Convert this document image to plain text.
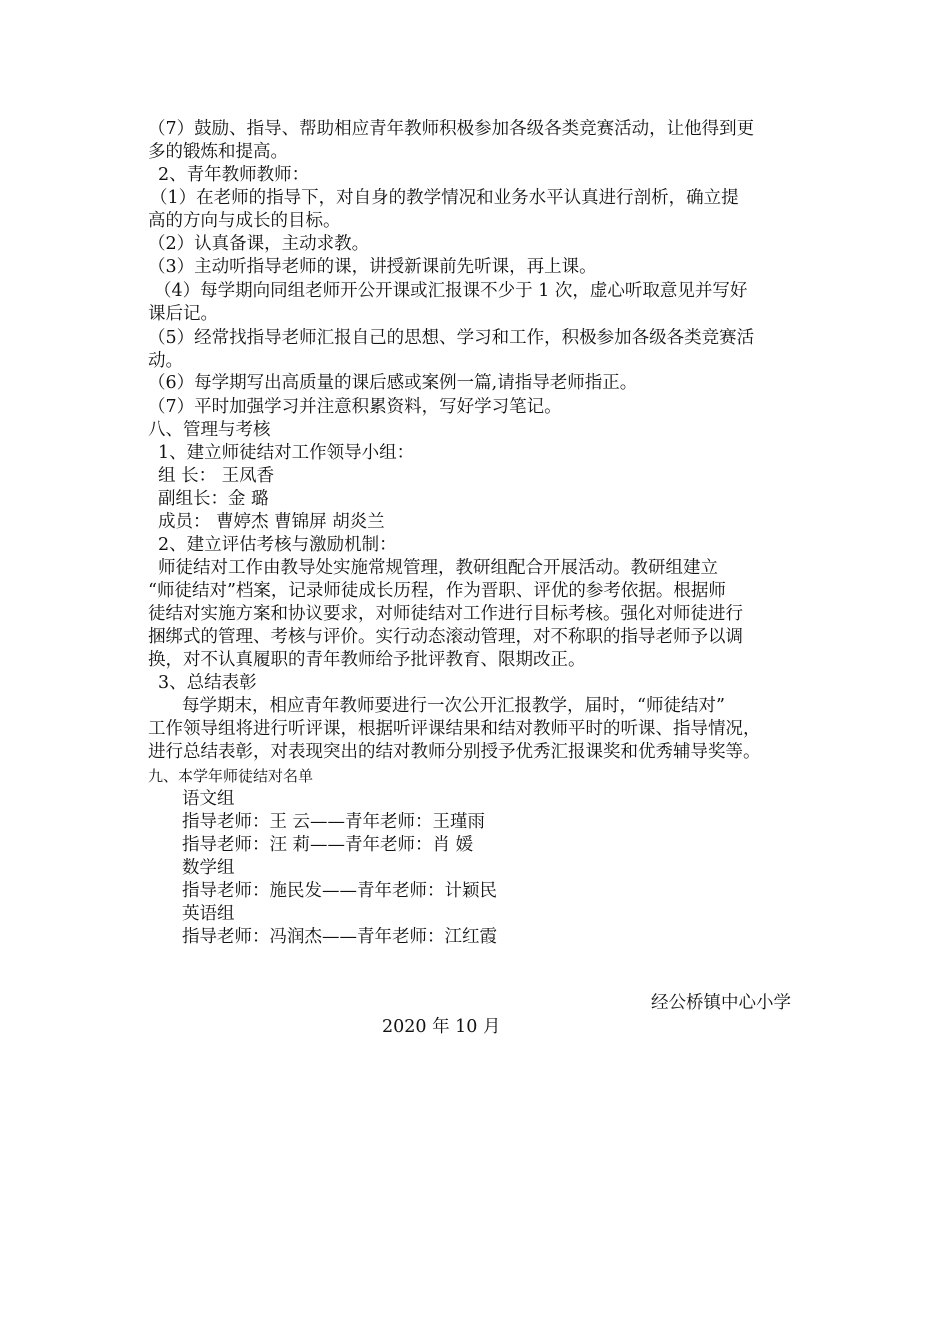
（7）鼓励、指导、帮助相应青年教师积极参加各级各类竞赛活动，让他得到更
多的锻炼和提高。
2、青年教师教师：
（1）在老师的指导下，对自身的教学情况和业务水平认真进行剖析，确立提
高的方向与成长的目标。
（2）认真备课，主动求教。
（3）主动听指导老师的课，讲授新课前先听课，再上课。
（4）每学期向同组老师开公开课或汇报课不少于 1 次，虚心听取意见并写好
课后记。
（5）经常找指导老师汇报自己的思想、学习和工作，积极参加各级各类竞赛活
动。
（6）每学期写出高质量的课后感或案例一篇,请指导老师指正。
（7）平时加强学习并注意积累资料，写好学习笔记。
八、管理与考核
1、建立师徒结对工作领导小组：
组 长： 王凤香
副组长：金 璐
成员： 曹婷杰 曹锦屏 胡炎兰
2、建立评估考核与激励机制：
师徒结对工作由教导处实施常规管理，教研组配合开展活动。教研组建立
“师徒结对”档案，记录师徒成长历程，作为晋职、评优的参考依据。根据师
徒结对实施方案和协议要求，对师徒结对工作进行目标考核。强化对师徒进行
捆绑式的管理、考核与评价。实行动态滚动管理，对不称职的指导老师予以调
换，对不认真履职的青年教师给予批评教育、限期改正。
3、总结表彰
每学期末，相应青年教师要进行一次公开汇报教学，届时，“师徒结对”
工作领导组将进行听评课，根据听评课结果和结对教师平时的听课、指导情况，
进行总结表彰，对表现突出的结对教师分别授予优秀汇报课奖和优秀辅导奖等。
九、本学年师徒结对名单
语文组
指导老师：王 云——青年老师：王瑾雨
指导老师：汪 莉——青年老师：肖 媛
数学组
指导老师：施民发——青年老师：计颖民
英语组
指导老师：冯润杰——青年老师：江红霞
经公桥镇中心小学
2020 年 10 月
